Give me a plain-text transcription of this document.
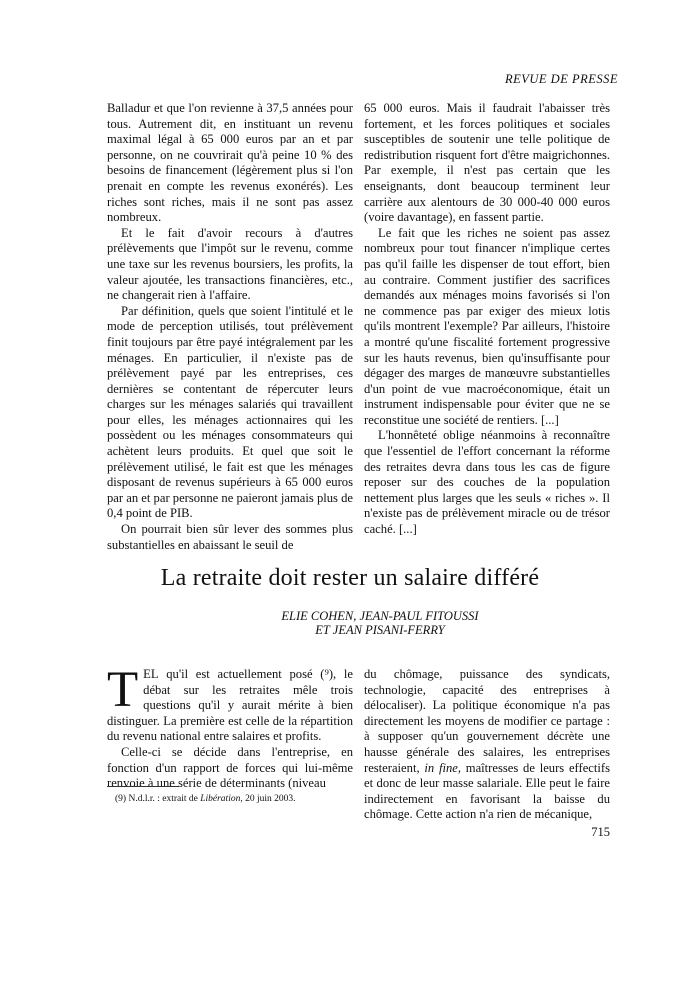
REVUE DE PRESSE

Balladur et que l'on revienne à 37,5 années pour tous. Autrement dit, en instituant un revenu maximal légal à 65 000 euros par an et par personne, on ne couvrirait qu'à peine 10 % des besoins de financement (légèrement plus si l'on prenait en compte les revenus exonérés). Les riches sont riches, mais il ne sont pas assez nombreux.

Et le fait d'avoir recours à d'autres prélèvements que l'impôt sur le revenu, comme une taxe sur les revenus boursiers, les profits, la valeur ajoutée, les transactions financières, etc., ne changerait rien à l'affaire.

Par définition, quels que soient l'intitulé et le mode de perception utilisés, tout prélèvement finit toujours par être payé intégralement par les ménages. En particulier, il n'existe pas de prélèvement payé par les entreprises, ces dernières se contentant de répercuter leurs charges sur les ménages salariés qui travaillent pour elles, les ménages actionnaires qui les possèdent ou les ménages consommateurs qui achètent leurs produits. Et quel que soit le prélèvement utilisé, le fait est que les ménages disposant de revenus supérieurs à 65 000 euros par an et par personne ne paieront jamais plus de 0,4 point de PIB.

On pourrait bien sûr lever des sommes plus substantielles en abaissant le seuil de

65 000 euros. Mais il faudrait l'abaisser très fortement, et les forces politiques et sociales susceptibles de soutenir une telle politique de redistribution risquent fort d'être maigrichonnes. Par exemple, il n'est pas certain que les enseignants, dont beaucoup terminent leur carrière aux alentours de 30 000-40 000 euros (voire davantage), en fassent partie.

Le fait que les riches ne soient pas assez nombreux pour tout financer n'implique certes pas qu'il faille les dispenser de tout effort, bien au contraire. Comment justifier des sacrifices demandés aux ménages moins favorisés si l'on ne commence pas par exiger des mieux lotis qu'ils montrent l'exemple? Par ailleurs, l'histoire a montré qu'une fiscalité fortement progressive sur les hauts revenus, bien qu'insuffisante pour dégager des marges de manœuvre substantielles d'un point de vue macroéconomique, était un instrument indispensable pour éviter que ne se reconstitue une société de rentiers. [...]

L'honnêteté oblige néanmoins à reconnaître que l'essentiel de l'effort concernant la réforme des retraites devra dans tous les cas de figure reposer sur des couches de la population nettement plus larges que les seuls « riches ». Il n'existe pas de prélèvement miracle ou de trésor caché. [...]

La retraite doit rester un salaire différé
ELIE COHEN, JEAN-PAUL FITOUSSI
ET JEAN PISANI-FERRY

TEL qu'il est actuellement posé (⁹), le débat sur les retraites mêle trois questions qu'il y aurait mérite à bien distinguer. La première est celle de la répartition du revenu national entre salaires et profits.

Celle-ci se décide dans l'entreprise, en fonction d'un rapport de forces qui lui-même renvoie à une série de déterminants (niveau

du chômage, puissance des syndicats, technologie, capacité des entreprises à délocaliser). La politique économique n'a pas directement les moyens de modifier ce partage : à supposer qu'un gouvernement décrète une hausse générale des salaires, les entreprises resteraient, in fine, maîtresses de leurs effectifs et donc de leur masse salariale. Elle peut le faire indirectement en favorisant la baisse du chômage. Cette action n'a rien de mécanique,

(9) N.d.l.r. : extrait de Libération, 20 juin 2003.
715
